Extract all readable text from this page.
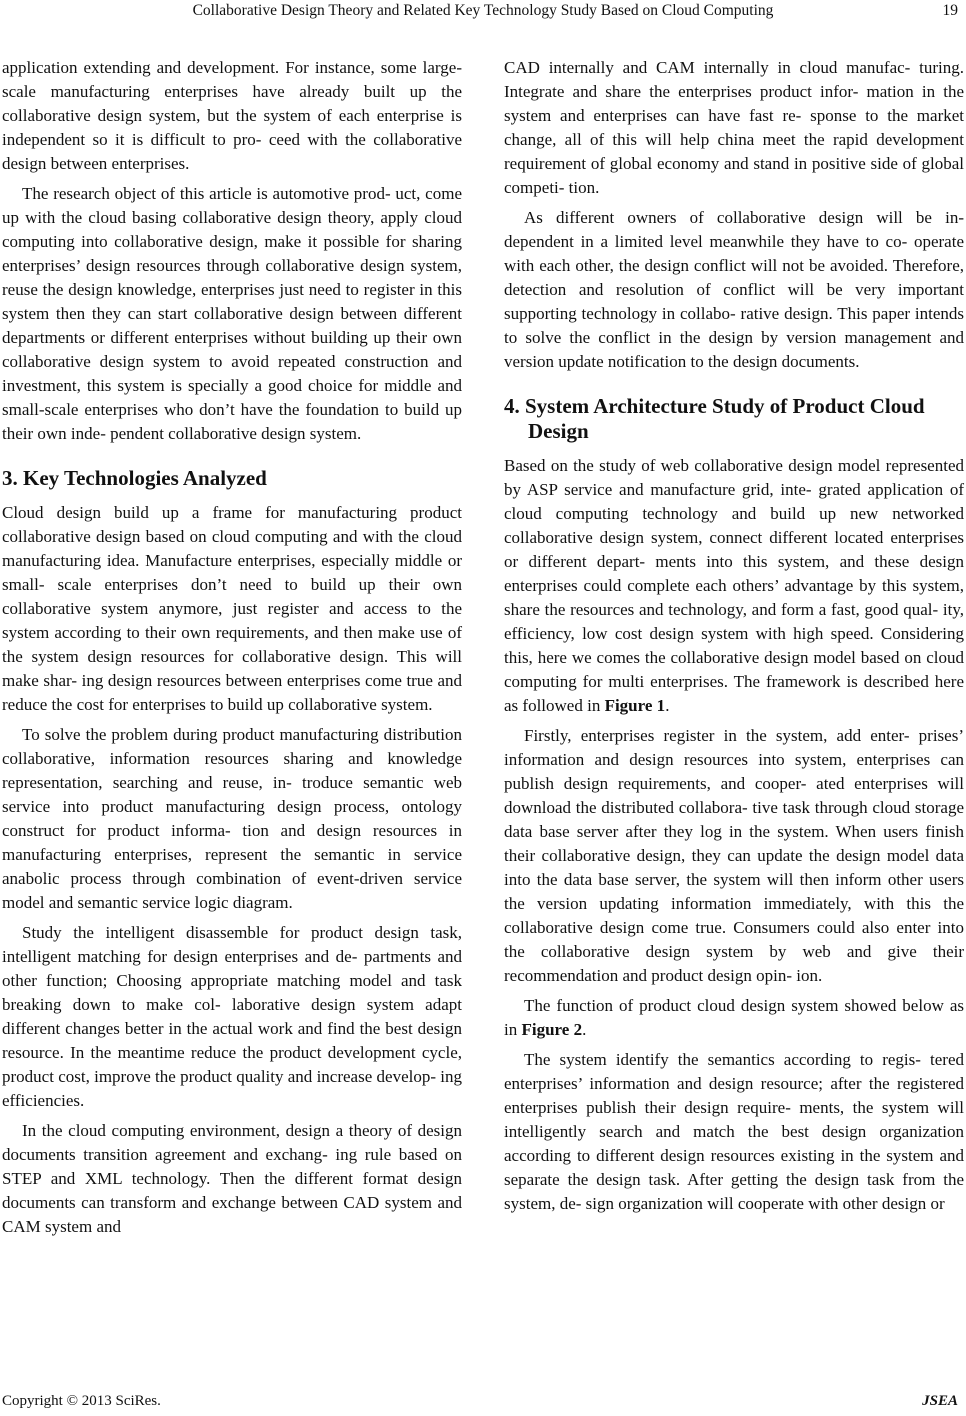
Collaborative Design Theory and Related Key Technology Study Based on Cloud Computing	19

application extending and development. For instance, some large-scale manufacturing enterprises have already built up the collaborative design system, but the system of each enterprise is independent so it is difficult to pro- ceed with the collaborative design between enterprises.

The research object of this article is automotive prod- uct, come up with the cloud basing collaborative design theory, apply cloud computing into collaborative design, make it possible for sharing enterprises’ design resources through collaborative design system, reuse the design knowledge, enterprises just need to register in this system then they can start collaborative design between different departments or different enterprises without building up their own collaborative design system to avoid repeated construction and investment, this system is specially a good choice for middle and small-scale enterprises who don’t have the foundation to build up their own inde- pendent collaborative design system.

3. Key Technologies Analyzed

Cloud design build up a frame for manufacturing product collaborative design based on cloud computing and with the cloud manufacturing idea. Manufacture enterprises, especially middle or small- scale enterprises don’t need to build up their own collaborative system anymore, just register and access to the system according to their own requirements, and then make use of the system design resources for collaborative design. This will make shar- ing design resources between enterprises come true and reduce the cost for enterprises to build up collaborative system.

To solve the problem during product manufacturing distribution collaborative, information resources sharing and knowledge representation, searching and reuse, in- troduce semantic web service into product manufacturing design process, ontology construct for product informa- tion and design resources in manufacturing enterprises, represent the semantic in service anabolic process through combination of event-driven service model and semantic service logic diagram.

Study the intelligent disassemble for product design task, intelligent matching for design enterprises and de- partments and other function; Choosing appropriate matching model and task breaking down to make col- laborative design system adapt different changes better in the actual work and find the best design resource. In the meantime reduce the product development cycle, product cost, improve the product quality and increase develop- ing efficiencies.

In the cloud computing environment, design a theory of design documents transition agreement and exchang- ing rule based on STEP and XML technology. Then the different format design documents can transform and exchange between CAD system and CAM system and

CAD internally and CAM internally in cloud manufac- turing. Integrate and share the enterprises product infor- mation in the system and enterprises can have fast re- sponse to the market change, all of this will help china meet the rapid development requirement of global economy and stand in positive side of global competi- tion.

As different owners of collaborative design will be in- dependent in a limited level meanwhile they have to co- operate with each other, the design conflict will not be avoided. Therefore, detection and resolution of conflict will be very important supporting technology in collabo- rative design. This paper intends to solve the conflict in the design by version management and version update notification to the design documents.

4. System Architecture Study of Product Cloud Design

Based on the study of web collaborative design model represented by ASP service and manufacture grid, inte- grated application of cloud computing technology and build up new networked collaborative design system, connect different located enterprises or different depart- ments into this system, and these design enterprises could complete each others’ advantage by this system, share the resources and technology, and form a fast, good qual- ity, efficiency, low cost design system with high speed. Considering this, here we comes the collaborative design model based on cloud computing for multi enterprises. The framework is described here as followed in Figure 1.

Firstly, enterprises register in the system, add enter- prises’ information and design resources into system, enterprises can publish design requirements, and cooper- ated enterprises will download the distributed collabora- tive task through cloud storage data base server after they log in the system. When users finish their collaborative design, they can update the design model data into the data base server, the system will then inform other users the version updating information immediately, with this the collaborative design come true. Consumers could also enter into the collaborative design system by web and give their recommendation and product design opin- ion.

The function of product cloud design system showed below as in Figure 2.

The system identify the semantics according to regis- tered enterprises’ information and design resource; after the registered enterprises publish their design require- ments, the system will intelligently search and match the best design organization according to different design resources existing in the system and separate the design task. After getting the design task from the system, de- sign organization will cooperate with other design or

Copyright © 2013 SciRes.	JSEA
